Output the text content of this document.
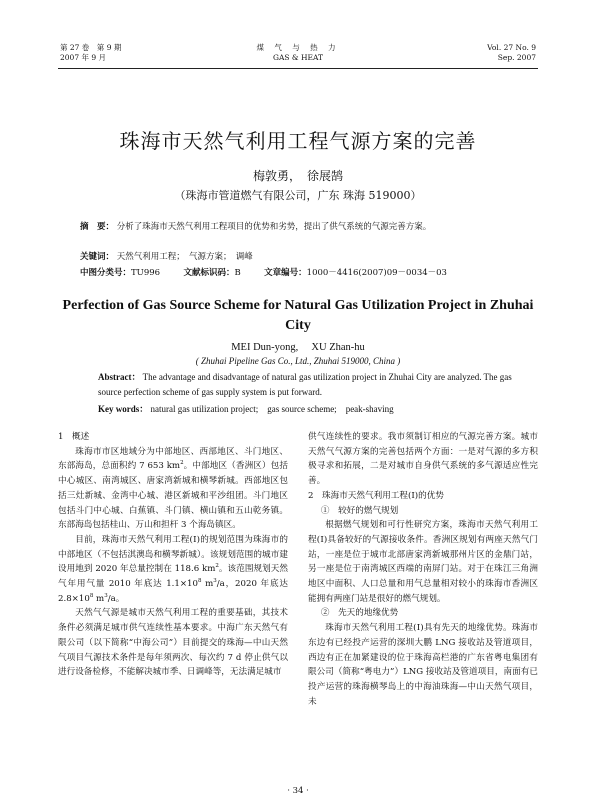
第 27 卷　第 9 期
2007 年 9 月
煤 气 与 热 力
GAS & HEAT
Vol. 27 No. 9
Sep. 2007
珠海市天然气利用工程气源方案的完善
梅敦勇，　徐展鹄
（珠海市管道燃气有限公司，广东 珠海 519000）
摘　要： 分析了珠海市天然气利用工程项目的优势和劣势，提出了供气系统的气源完善方案。
关键词： 天然气利用工程；　气源方案；　调峰
中图分类号：TU996	文献标识码：B	文章编号：1000－4416(2007)09－0034－03
Perfection of Gas Source Scheme for Natural Gas Utilization Project in Zhuhai City
MEI Dun-yong,　 XU Zhan-hu
( Zhuhai Pipeline Gas Co., Ltd., Zhuhai 519000, China )
Abstract： The advantage and disadvantage of natural gas utilization project in Zhuhai City are analyzed. The gas source perfection scheme of gas supply system is put forward.
Key words： natural gas utilization project;　gas source scheme;　peak-shaving

1　概述

珠海市市区地域分为中部地区、西部地区、斗门地区、东部海岛，总面积约 7 653 $km^2$。中部地区（香洲区）包括中心城区、南湾城区、唐家湾新城和横琴新城。西部地区包括三灶新城、金湾中心城、港区新城和平沙组团。斗门地区包括斗门中心城、白蕉镇、斗门镇、横山镇和五山乾务镇。东部海岛包括桂山、万山和担杆 3 个海岛镇区。

目前，珠海市天然气利用工程(Ⅰ)的规划范围为珠海市的中部地区（不包括淇澳岛和横琴新城）。该规划范围的城市建设用地到 2020 年总量控制在 118.6 $km^2$。该范围规划天然气年用气量 2010 年底达 $1.1\times 10^8$ $m^3/a$，2020 年底达 $2.8\times 10^8$ $m^3/a$。

天然气气源是城市天然气利用工程的重要基础，其技术条件必须满足城市供气连续性基本要求。中海广东天然气有限公司（以下简称“中海公司”）目前提交的珠海—中山天然气项目气源技术条件是每年须两次、每次约 7 d 停止供气以进行设备检修，不能解决城市季、日调峰等，无法满足城市

供气连续性的要求。我市须制订相应的气源完善方案。城市天然气气源方案的完善包括两个方面：一是对气源的多方积极寻求和拓展，二是对城市自身供气系统的多气源适应性完善。

2　珠海市天然气利用工程(Ⅰ)的优势

①　较好的燃气规划

根据燃气规划和可行性研究方案，珠海市天然气利用工程(Ⅰ)具备较好的气源接收条件。香洲区规划有两座天然气门站，一座是位于城市北部唐家湾新城那州片区的金鼎门站，另一座是位于南湾城区西端的南屏门站。对于在珠江三角洲地区中面积、人口总量和用气总量相对较小的珠海市香洲区能拥有两座门站是很好的燃气规划。

②　先天的地缘优势

珠海市天然气利用工程(Ⅰ)具有先天的地缘优势。珠海市东边有已经投产运营的深圳大鹏 LNG 接收站及管道项目，西边有正在加紧建设的位于珠海高栏港的广东省粤电集团有限公司（简称“粤电力”）LNG 接收站及管道项目，南面有已投产运营的珠海横琴岛上的中海油珠海—中山天然气项目，未

· 34 ·
